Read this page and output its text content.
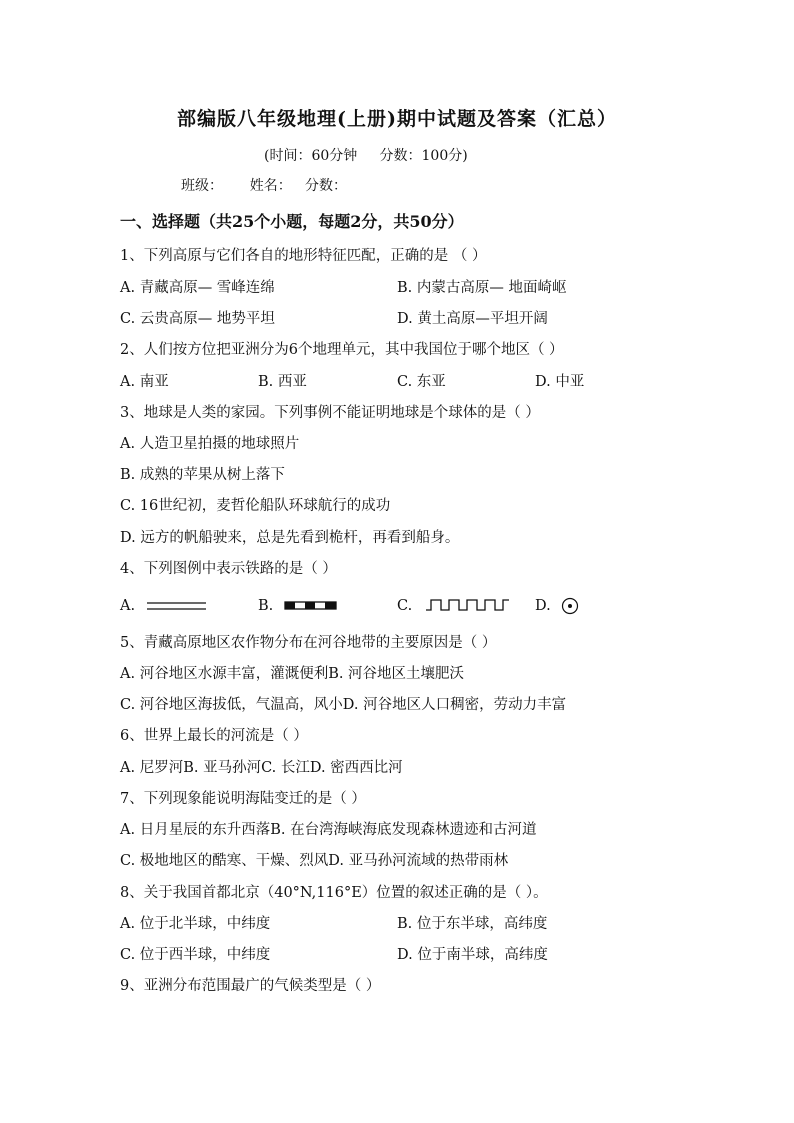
部编版八年级地理(上册)期中试题及答案（汇总）
(时间：60分钟     分数：100分)
班级：      姓名：   分数：
一、选择题（共25个小题，每题2分，共50分）
1、下列高原与它们各自的地形特征匹配，正确的是 （ ）
A. 青藏高原— 雪峰连绵	B. 内蒙古高原— 地面崎岖
C. 云贵高原— 地势平坦	D. 黄土高原—平坦开阔
2、人们按方位把亚洲分为6个地理单元，其中我国位于哪个地区（ ）
A. 南亚	B. 西亚	C. 东亚	D. 中亚
3、地球是人类的家园。下列事例不能证明地球是个球体的是（ ）
A. 人造卫星拍摄的地球照片
B. 成熟的苹果从树上落下
C. 16世纪初，麦哲伦船队环球航行的成功
D. 远方的帆船驶来，总是先看到桅杆，再看到船身。
4、下列图例中表示铁路的是（ ）
A.	B.	C.	D.
5、青藏高原地区农作物分布在河谷地带的主要原因是（ ）
A. 河谷地区水源丰富，灌溉便利B. 河谷地区土壤肥沃
C. 河谷地区海拔低，气温高，风小D. 河谷地区人口稠密，劳动力丰富
6、世界上最长的河流是（ ）
A. 尼罗河B. 亚马孙河C. 长江D. 密西西比河
7、下列现象能说明海陆变迁的是（ ）
A. 日月星辰的东升西落B. 在台湾海峡海底发现森林遗迹和古河道
C. 极地地区的酷寒、干燥、烈风D. 亚马孙河流域的热带雨林
8、关于我国首都北京（40°N,116°E）位置的叙述正确的是（ ）。
A. 位于北半球，中纬度	B. 位于东半球，高纬度
C. 位于西半球，中纬度	D. 位于南半球，高纬度
9、亚洲分布范围最广的气候类型是（ ）
